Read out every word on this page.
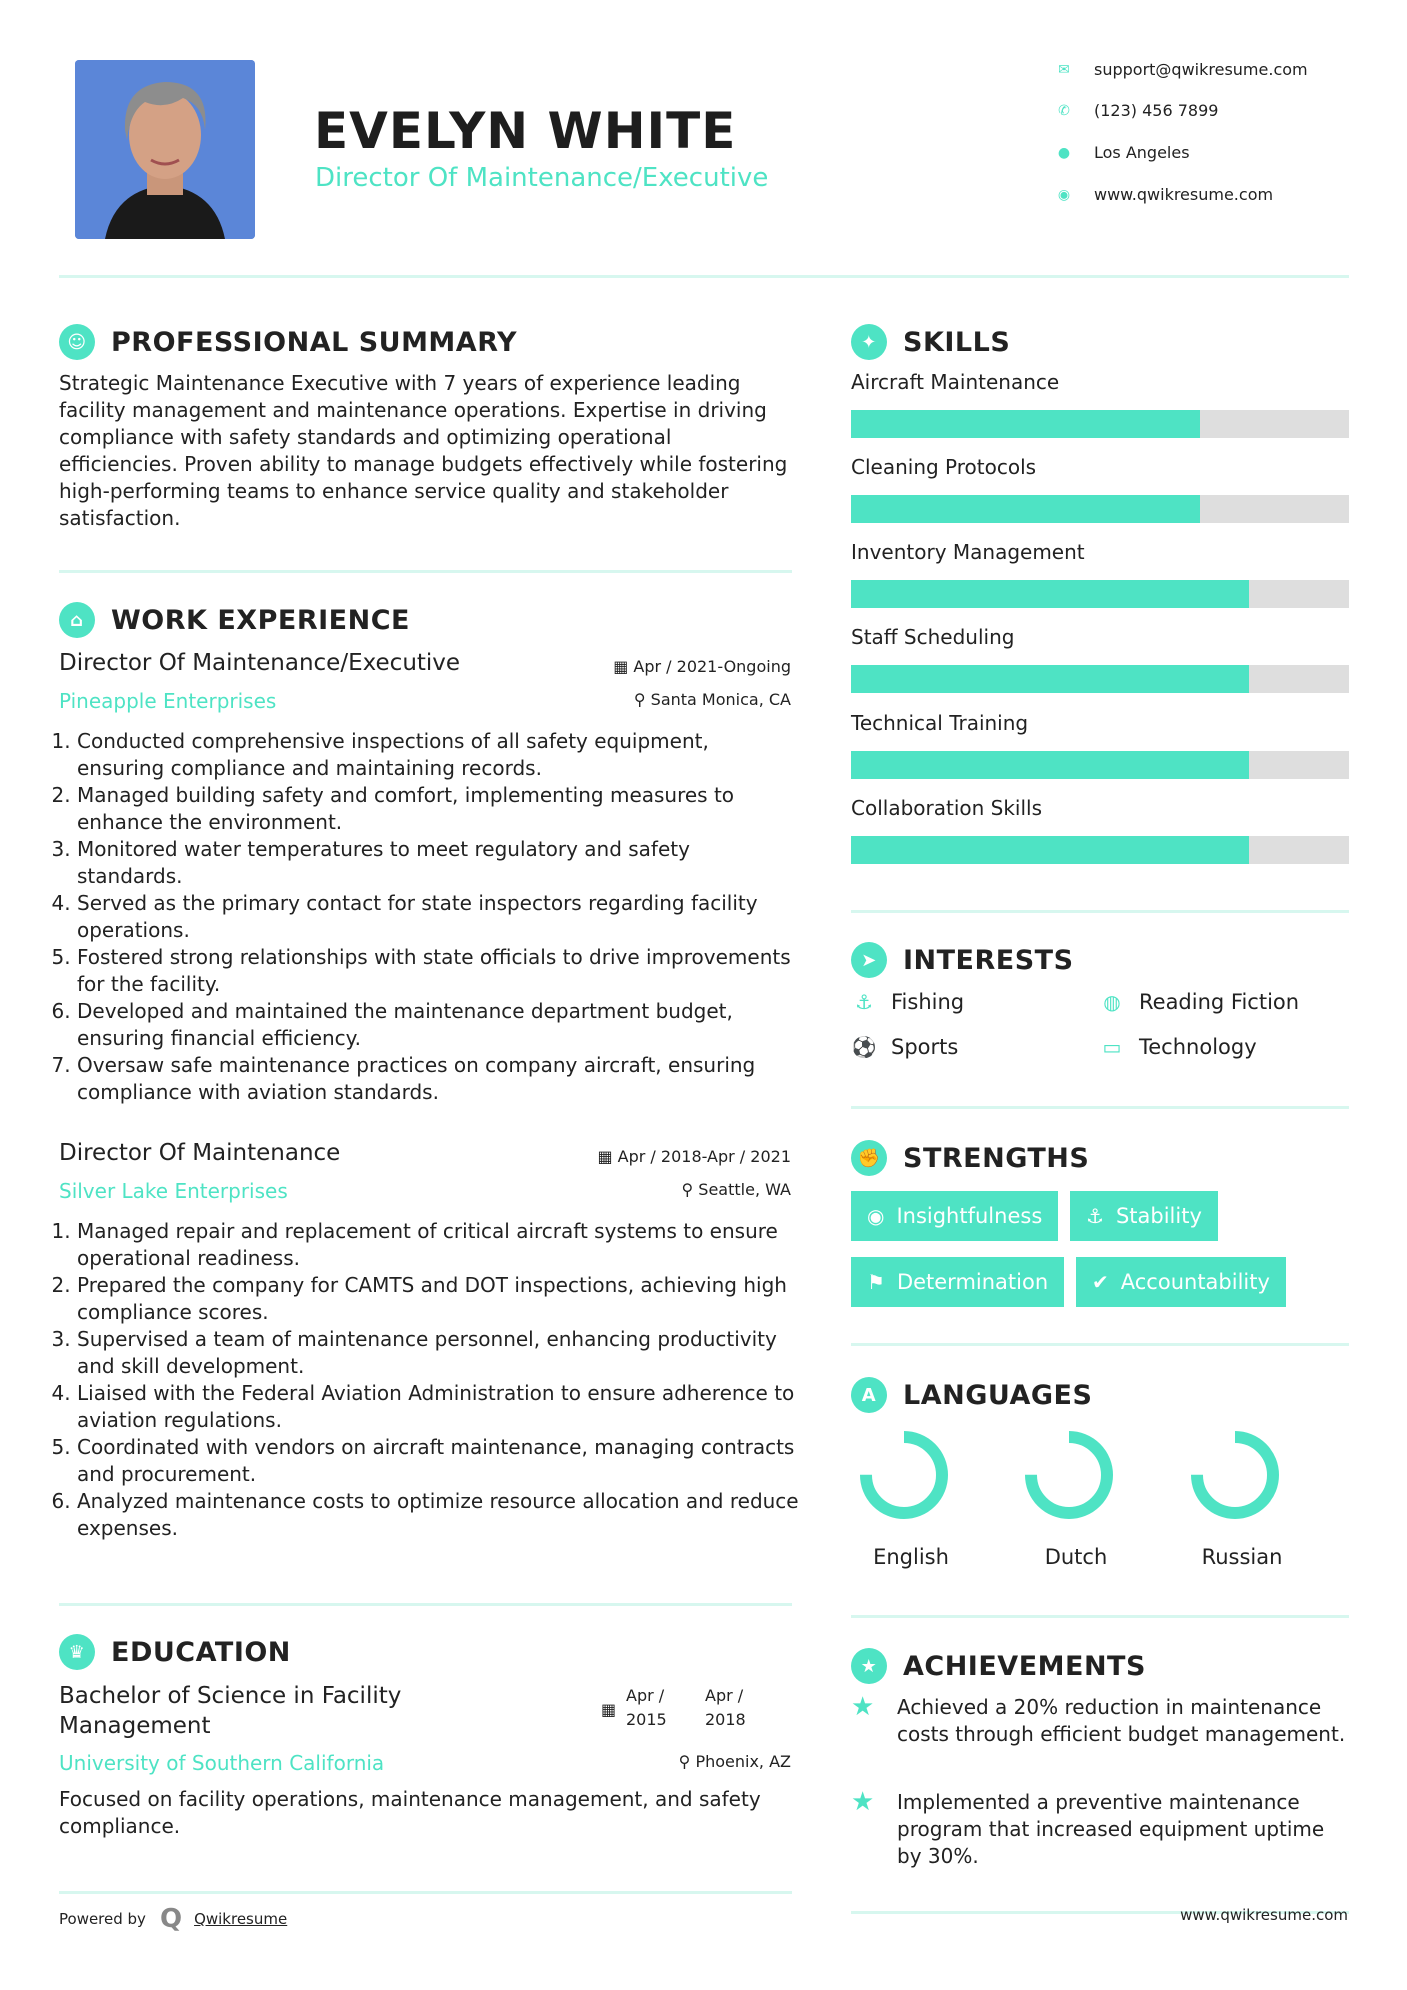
EVELYN WHITE
Director Of Maintenance/Executive
✉ support@qwikresume.com
✆ (123) 456 7899
● Los Angeles
◉ www.qwikresume.com
☺ PROFESSIONAL SUMMARY
Strategic Maintenance Executive with 7 years of experience leading facility management and maintenance operations. Expertise in driving compliance with safety standards and optimizing operational efficiencies. Proven ability to manage budgets effectively while fostering high-performing teams to enhance service quality and stakeholder satisfaction.
⌂	WORK EXPERIENCE
Director Of Maintenance/Executive	▦ Apr / 2021-Ongoing
Pineapple Enterprises	⚲ Santa Monica, CA
1. Conducted comprehensive inspections of all safety equipment, ensuring compliance and maintaining records.
2. Managed building safety and comfort, implementing measures to enhance the environment.
3. Monitored water temperatures to meet regulatory and safety standards.
4. Served as the primary contact for state inspectors regarding facility operations.
5. Fostered strong relationships with state officials to drive improvements for the facility.
6. Developed and maintained the maintenance department budget, ensuring financial efficiency.
7. Oversaw safe maintenance practices on company aircraft, ensuring compliance with aviation standards.
Director Of Maintenance	▦ Apr / 2018-Apr / 2021
Silver Lake Enterprises	⚲ Seattle, WA
1. Managed repair and replacement of critical aircraft systems to ensure operational readiness.
2. Prepared the company for CAMTS and DOT inspections, achieving high compliance scores.
3. Supervised a team of maintenance personnel, enhancing productivity and skill development.
4. Liaised with the Federal Aviation Administration to ensure adherence to aviation regulations.
5. Coordinated with vendors on aircraft maintenance, managing contracts and procurement.
6. Analyzed maintenance costs to optimize resource allocation and reduce expenses.
♛ EDUCATION
Bachelor of Science in Facility Management
▦
Apr /
2015
Apr /
2018
University of Southern California	⚲ Phoenix, AZ
Focused on facility operations, maintenance management, and safety compliance.
✦ SKILLS
Aircraft Maintenance
Cleaning Protocols
Inventory Management
Staff Scheduling
Technical Training
Collaboration Skills
➤ INTERESTS
⚓ Fishing	◍ Reading Fiction
⚽ Sports	▭ Technology
✊ STRENGTHS
◉ Insightfulness ⚓ Stability
⚑ Determination ✔ Accountability
A LANGUAGES
English	Dutch	Russian
★ ACHIEVEMENTS
★	Achieved a 20% reduction in maintenance costs through efficient budget management.
★	Implemented a preventive maintenance program that increased equipment uptime by 30%.
Powered by Q Qwikresume	www.qwikresume.com
